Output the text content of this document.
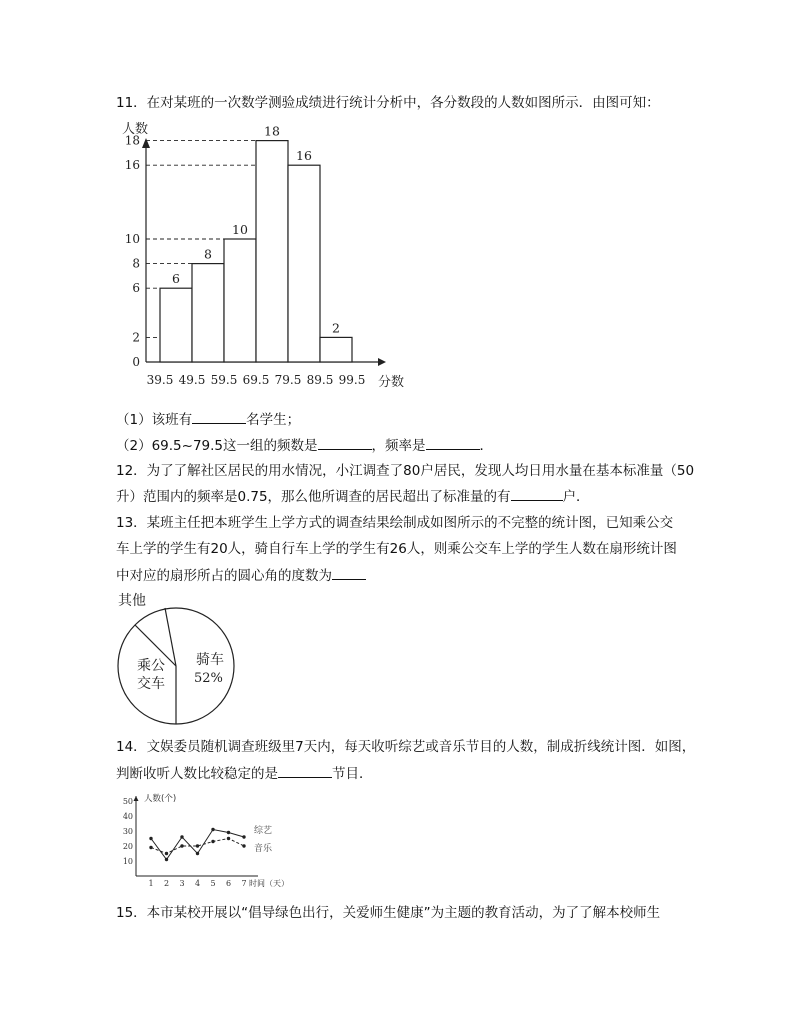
11．在对某班的一次数学测验成绩进行统计分析中，各分数段的人数如图所示．由图可知：
人数
分数
0
2
6
8
10
16
18
6
8
10
18
16
2
39.5 49.5 59.5 69.5 79.5 89.5 99.5
（1）该班有	名学生；
（2）69.5~79.5这一组的频数是	，频率是	．
12．为了了解社区居民的用水情况，小江调查了80户居民，发现人均日用水量在基本标准量（50
升）范围内的频率是0.75，那么他所调查的居民超出了标准量的有	户．
13．某班主任把本班学生上学方式的调查结果绘制成如图所示的不完整的统计图，已知乘公交
车上学的学生有20人，骑自行车上学的学生有26人，则乘公交车上学的学生人数在扇形统计图
中对应的扇形所占的圆心角的度数为
其他
骑车
52%
乘公
交车
14．文娱委员随机调查班级里7天内，每天收听综艺或音乐节目的人数，制成折线统计图．如图，
判断收听人数比较稳定的是	节目．
人数(个)
10
20
30
40
50
1 2 3 4 5 6 7 时间（天）
综艺
音乐
15．本市某校开展以“倡导绿色出行，关爱师生健康”为主题的教育活动，为了了解本校师生
